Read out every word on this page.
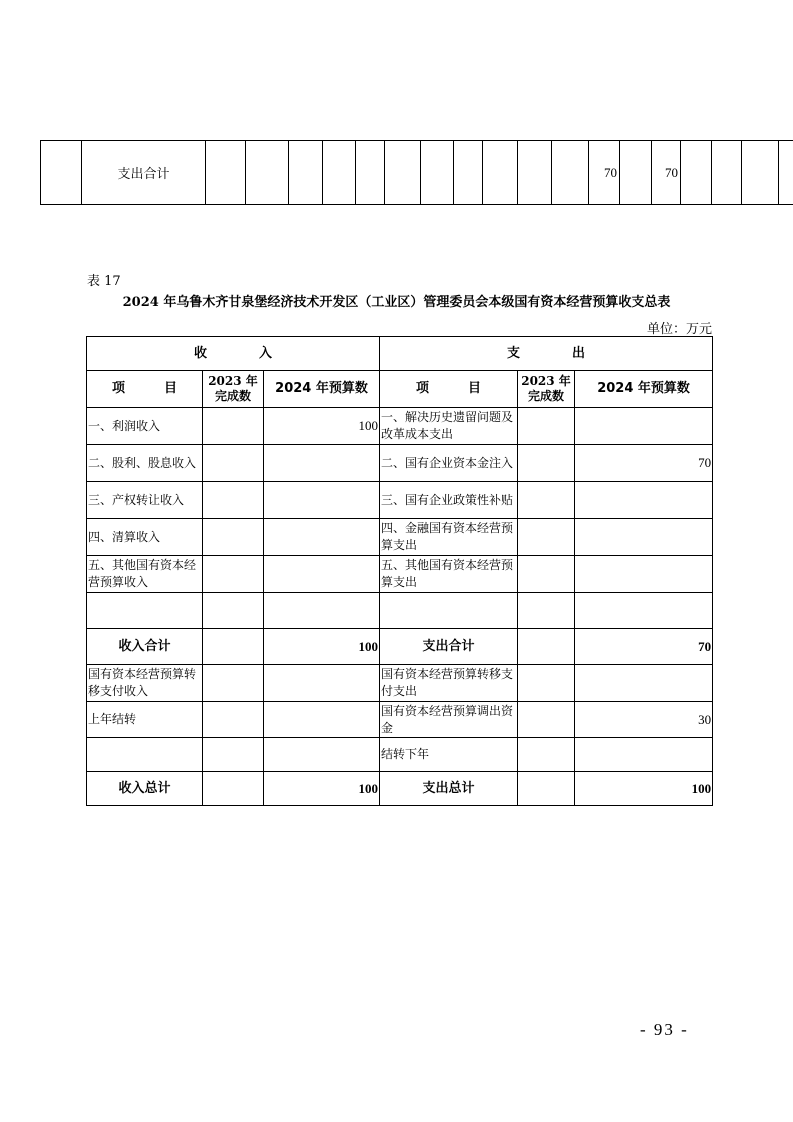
	支出合计												70		70				
表 17
2024 年乌鲁木齐甘泉堡经济技术开发区（工业区）管理委员会本级国有资本经营预算收支总表
单位：万元
收　　　　入			支　　　　出		
项　　　目	2023 年完成数	2024 年预算数	项　　　目	2023 年完成数	2024 年预算数
一、利润收入		100	一、解决历史遗留问题及改革成本支出		
二、股利、股息收入			二、国有企业资本金注入		70
三、产权转让收入			三、国有企业政策性补贴		
四、清算收入			四、金融国有资本经营预算支出		
五、其他国有资本经营预算收入			五、其他国有资本经营预算支出		

收入合计		100	支出合计		70
国有资本经营预算转移支付收入			国有资本经营预算转移支付支出		
上年结转			国有资本经营预算调出资金		30
			结转下年		
收入总计		100	支出总计		100
- 93 -
